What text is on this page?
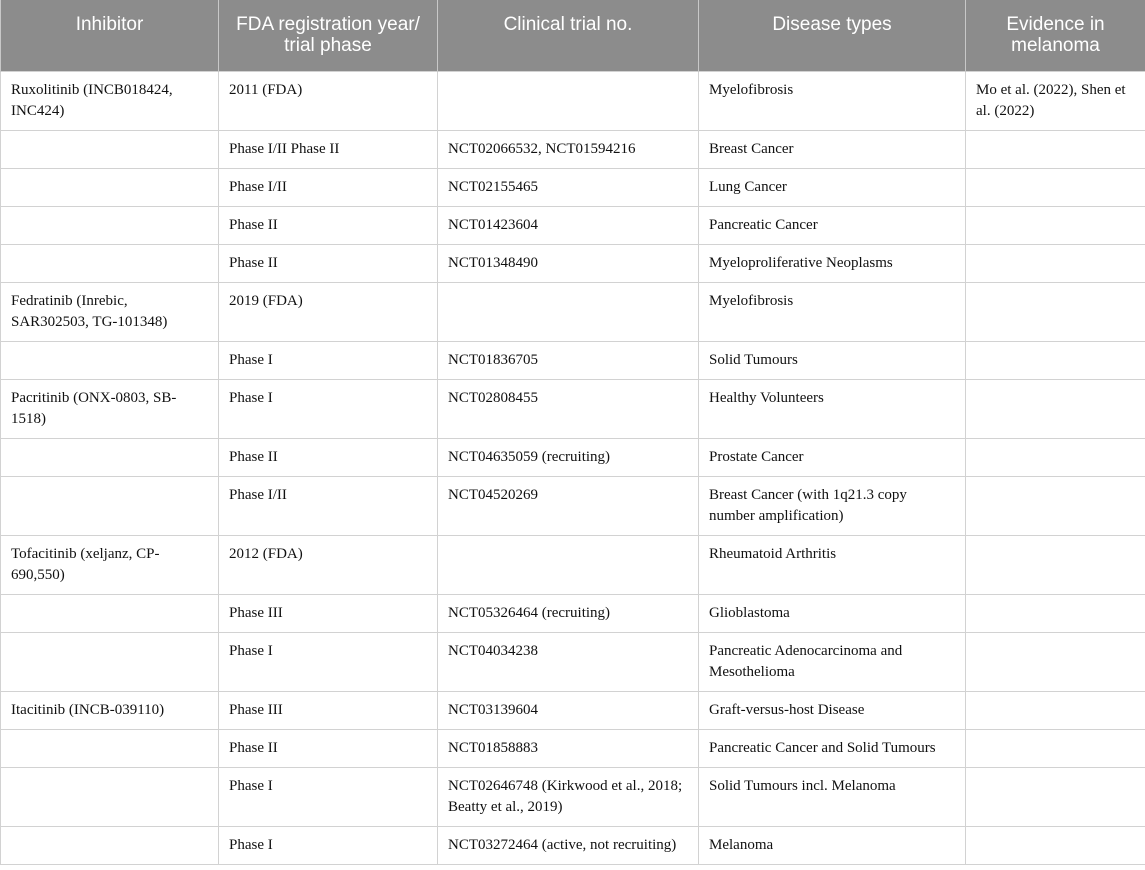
Inhibitor	FDA registration year/ trial phase	Clinical trial no.	Disease types	Evidence in melanoma
Ruxolitinib (INCB018424, INC424)	2011 (FDA)		Myelofibrosis	Mo et al. (2022), Shen et al. (2022)
	Phase I/II Phase II	NCT02066532, NCT01594216	Breast Cancer	
	Phase I/II	NCT02155465	Lung Cancer	
	Phase II	NCT01423604	Pancreatic Cancer	
	Phase II	NCT01348490	Myeloproliferative Neoplasms	
Fedratinib (Inrebic, SAR302503, TG-101348)	2019 (FDA)		Myelofibrosis	
	Phase I	NCT01836705	Solid Tumours	
Pacritinib (ONX-0803, SB-1518)	Phase I	NCT02808455	Healthy Volunteers	
	Phase II	NCT04635059 (recruiting)	Prostate Cancer	
	Phase I/II	NCT04520269	Breast Cancer (with 1q21.3 copy number amplification)	
Tofacitinib (xeljanz, CP-690,550)	2012 (FDA)		Rheumatoid Arthritis	
	Phase III	NCT05326464 (recruiting)	Glioblastoma	
	Phase I	NCT04034238	Pancreatic Adenocarcinoma and Mesothelioma	
Itacitinib (INCB-039110)	Phase III	NCT03139604	Graft-versus-host Disease	
	Phase II	NCT01858883	Pancreatic Cancer and Solid Tumours	
	Phase I	NCT02646748 (Kirkwood et al., 2018; Beatty et al., 2019)	Solid Tumours incl. Melanoma	
	Phase I	NCT03272464 (active, not recruiting)	Melanoma	
